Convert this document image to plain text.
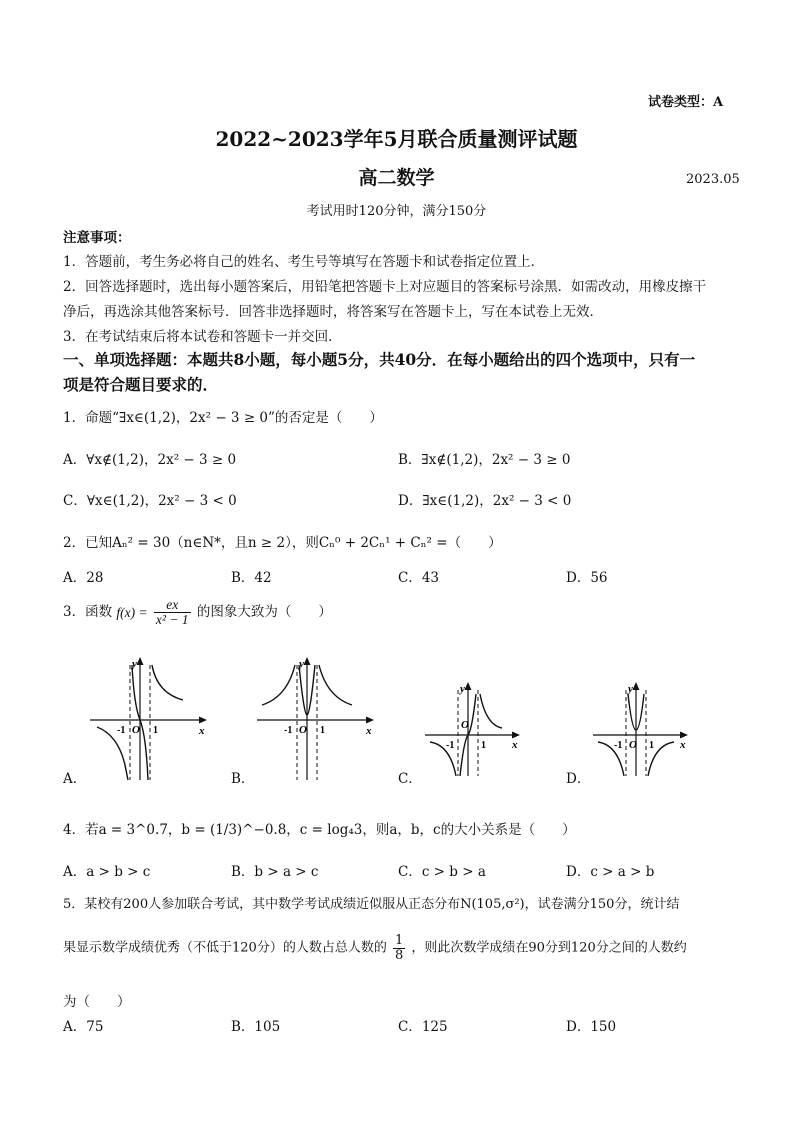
试卷类型：A
2022~2023学年5月联合质量测评试题
高二数学	2023.05
考试用时120分钟，满分150分
注意事项：
1．答题前，考生务必将自己的姓名、考生号等填写在答题卡和试卷指定位置上．
2．回答选择题时，选出每小题答案后，用铅笔把答题卡上对应题目的答案标号涂黑．如需改动，用橡皮擦干
净后，再选涂其他答案标号．回答非选择题时，将答案写在答题卡上，写在本试卷上无效．
3．在考试结束后将本试卷和答题卡一并交回．
一、单项选择题：本题共8小题，每小题5分，共40分．在每小题给出的四个选项中，只有一
项是符合题目要求的．
1．命题“∃x∈(1,2)，2x² − 3 ≥ 0”的否定是（　　）
A．∀x∉(1,2)，2x² − 3 ≥ 0	B．∃x∉(1,2)，2x² − 3 ≥ 0
C．∀x∈(1,2)，2x² − 3 < 0	D．∃x∈(1,2)，2x² − 3 < 0
2．已知Aₙ² = 30（n∈N*，且n ≥ 2），则Cₙ⁰ + 2Cₙ¹ + Cₙ² =（　　）
A．28	B．42	C．43	D．56
3．函数 $f(x) = \frac{ex}{\text{x² − 1}}$ 的图象大致为（　　）
y
x
-1 O 1
A．
y
x
-1 O 1
B．
y
x
-1
O
1
C．
y
x
-1 O 1
D．
4．若a = 3^0.7，b = (1/3)^−0.8，c = log₄3，则a，b，c的大小关系是（　　）
A．a > b > c	B．b > a > c	C．c > b > a	D．c > a > b
5．某校有200人参加联合考试，其中数学考试成绩近似服从正态分布N(105,σ²)，试卷满分150分，统计结
果显示数学成绩优秀（不低于120分）的人数占总人数的 $\frac{1}{8}$ ，则此次数学成绩在90分到120分之间的人数约
为（　　）
A．75	B．105	C．125	D．150
